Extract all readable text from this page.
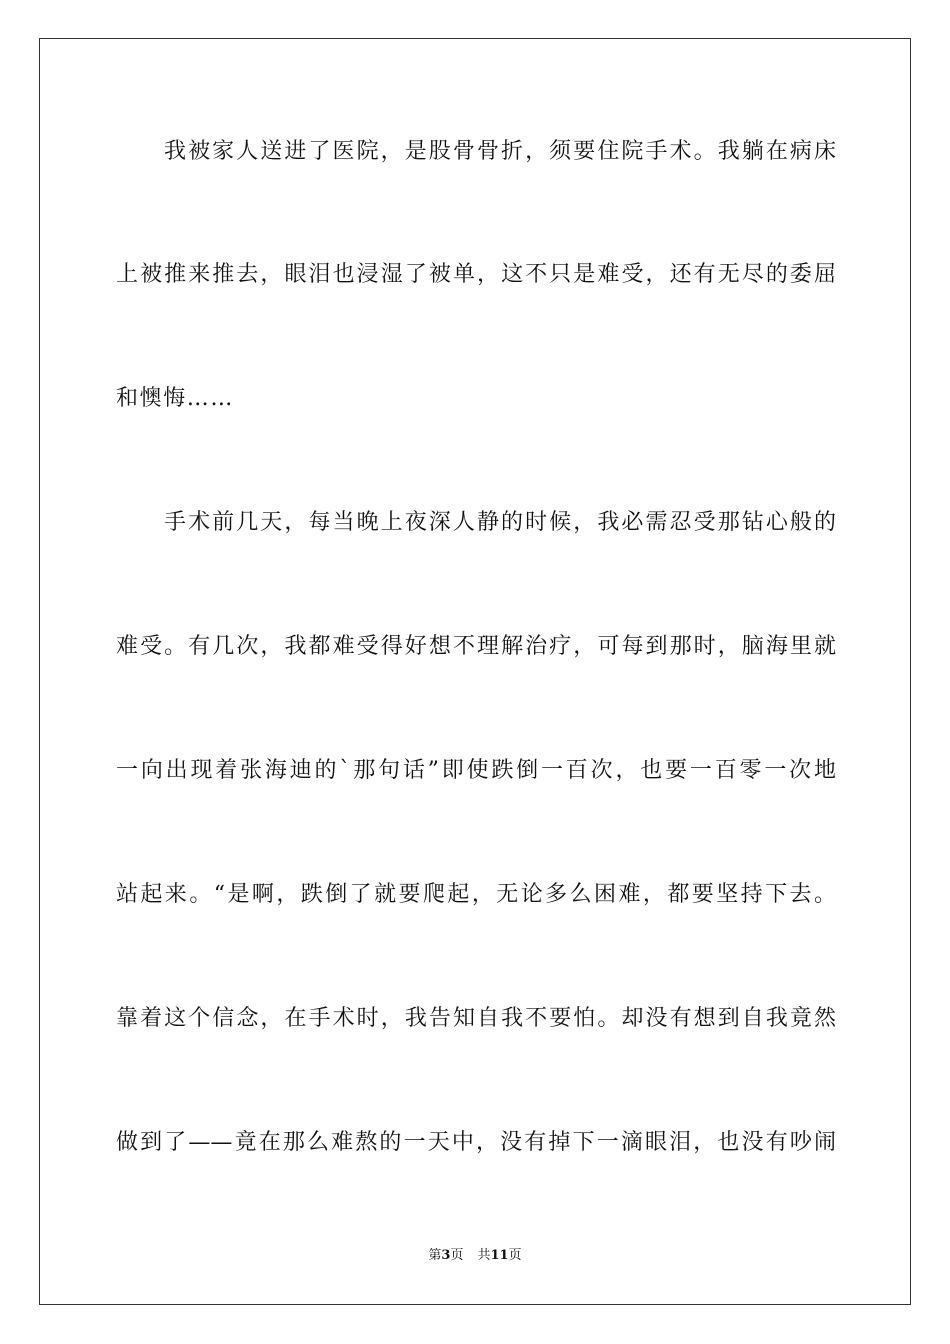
我被家人送进了医院，是股骨骨折，须要住院手术。我躺在病床
上被推来推去，眼泪也浸湿了被单，这不只是难受，还有无尽的委屈
和懊悔……
手术前几天，每当晚上夜深人静的时候，我必需忍受那钻心般的
难受。有几次，我都难受得好想不理解治疗，可每到那时，脑海里就
一向出现着张海迪的`那句话”即使跌倒一百次，也要一百零一次地
站起来。“是啊，跌倒了就要爬起，无论多么困难，都要坚持下去。
靠着这个信念，在手术时，我告知自我不要怕。却没有想到自我竟然
做到了——竟在那么难熬的一天中，没有掉下一滴眼泪，也没有吵闹
第3页 共11页
